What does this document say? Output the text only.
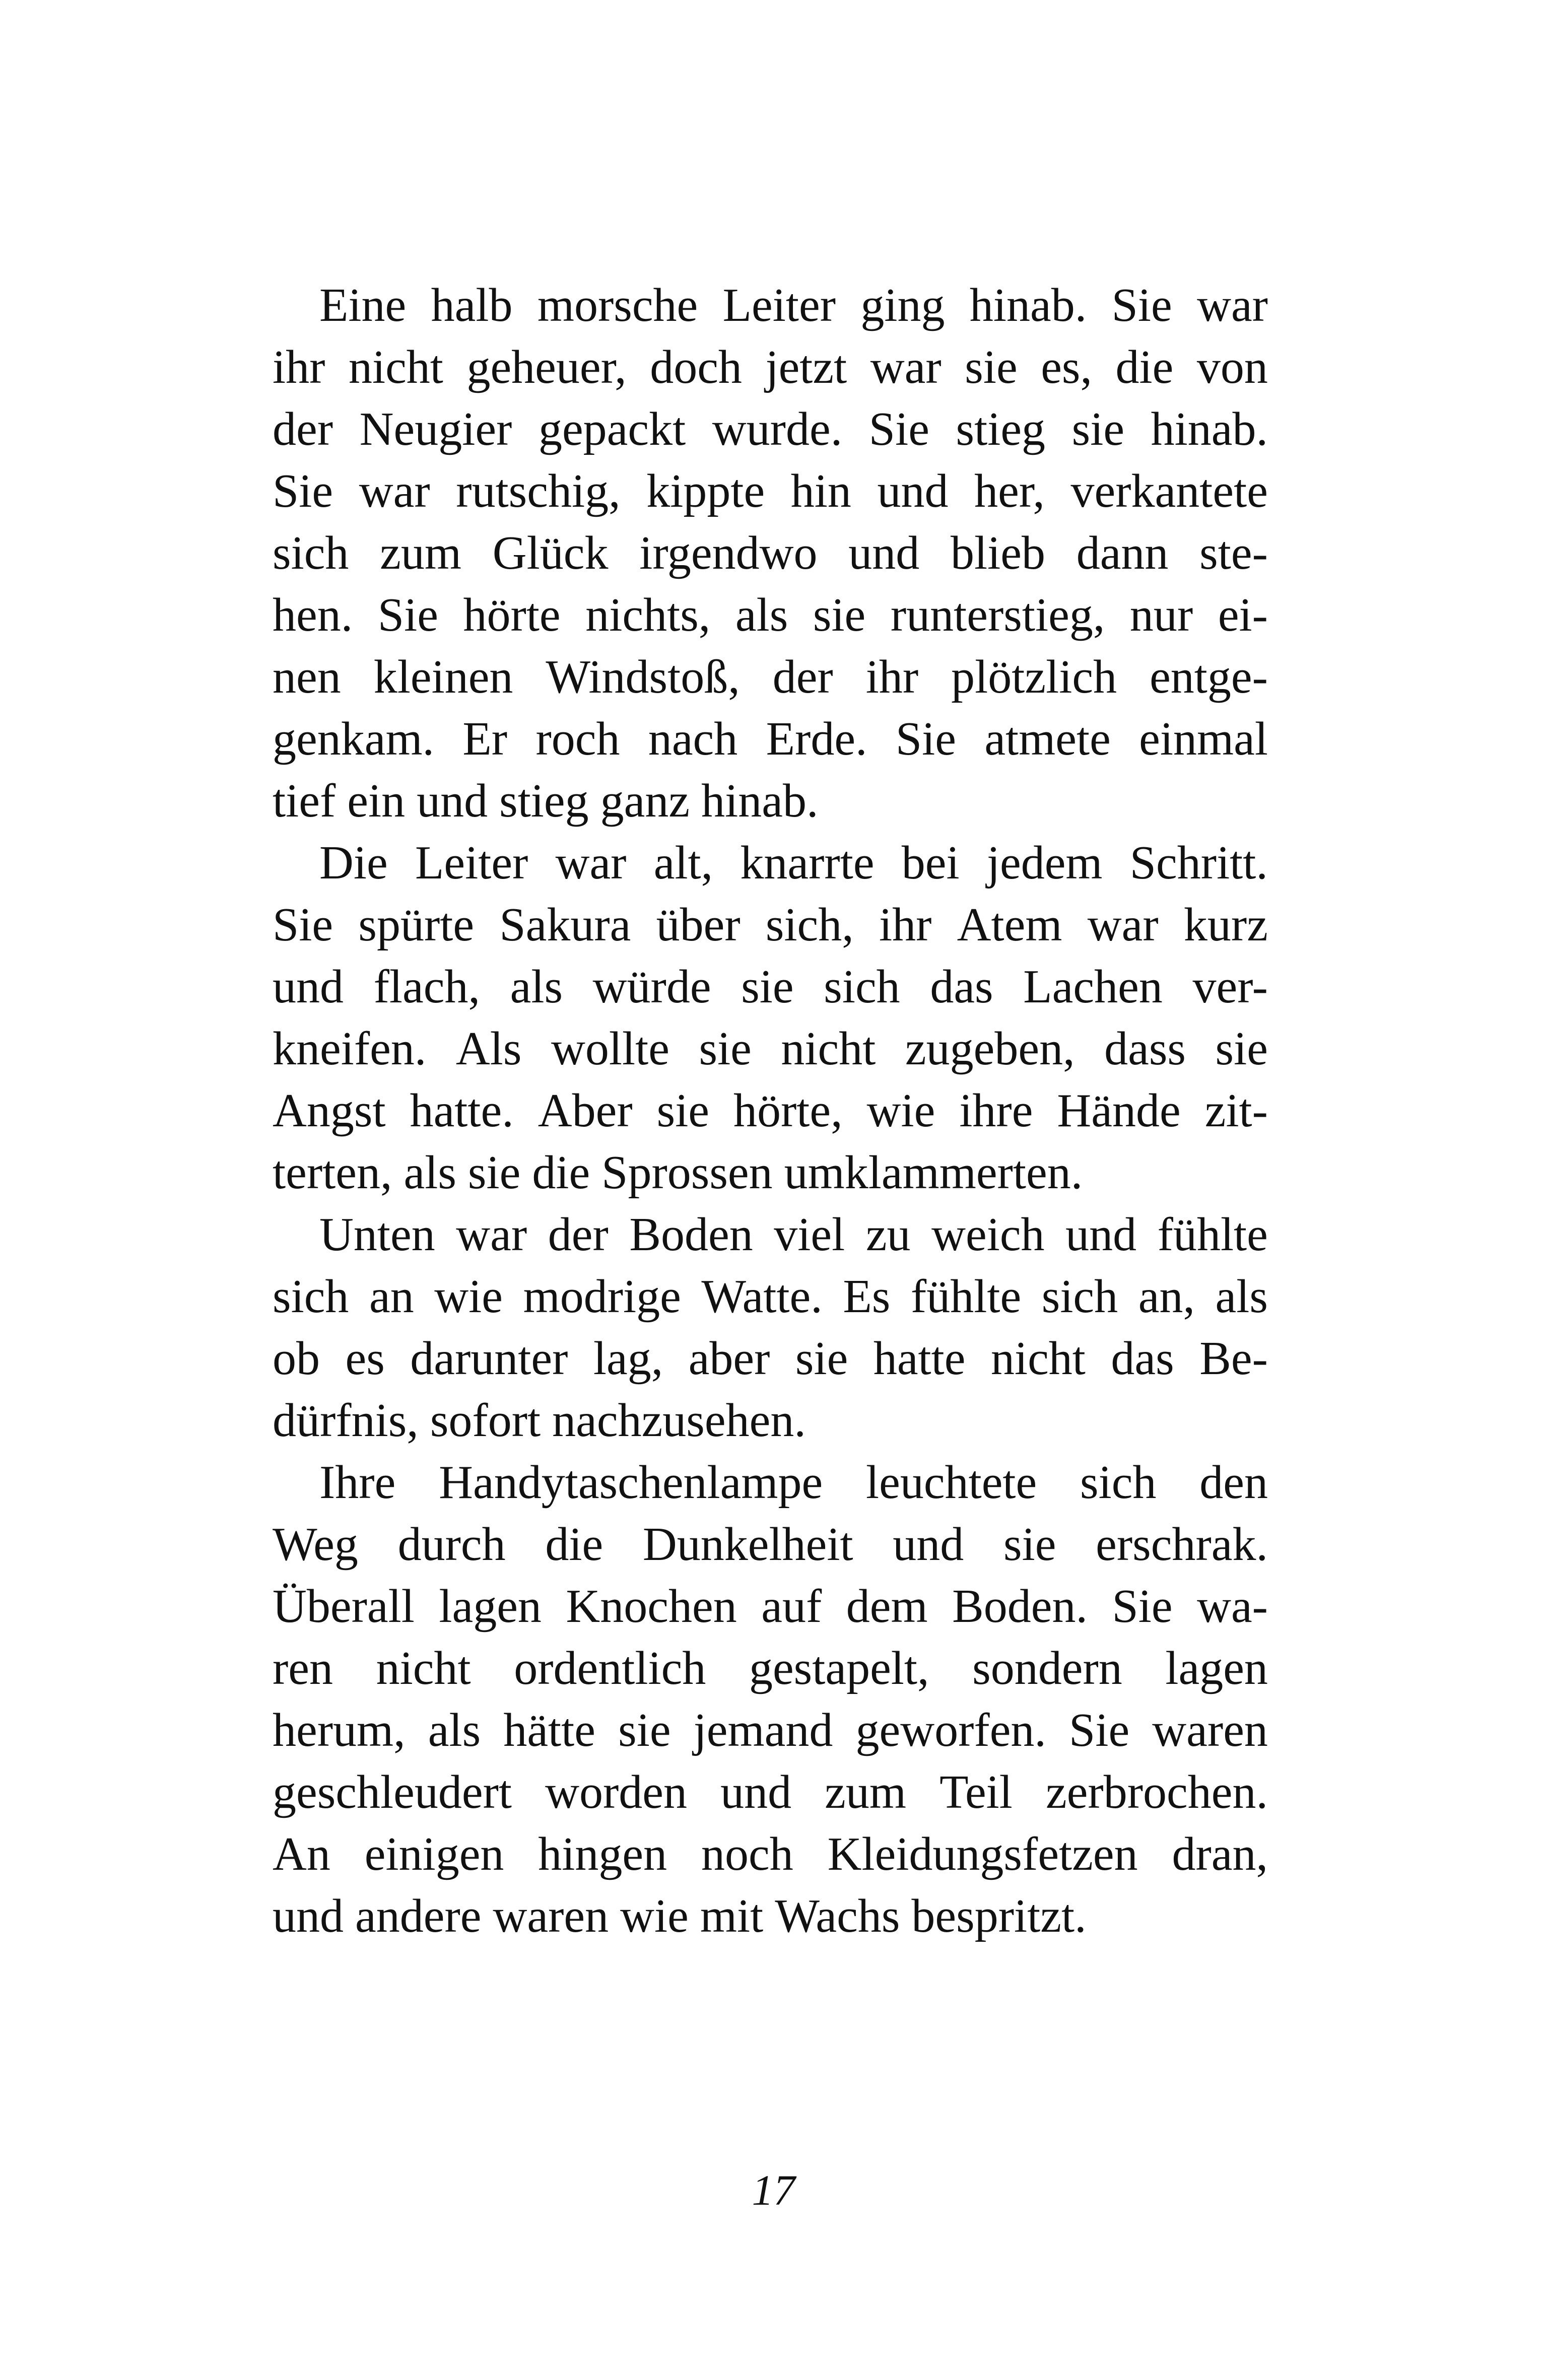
Eine halb morsche Leiter ging hinab. Sie war
ihr nicht geheuer, doch jetzt war sie es, die von
der Neugier gepackt wurde. Sie stieg sie hinab.
Sie war rutschig, kippte hin und her, verkantete
sich zum Glück irgendwo und blieb dann ste-
hen. Sie hörte nichts, als sie runterstieg, nur ei-
nen kleinen Windstoß, der ihr plötzlich entge-
genkam. Er roch nach Erde. Sie atmete einmal
tief ein und stieg ganz hinab.
Die Leiter war alt, knarrte bei jedem Schritt.
Sie spürte Sakura über sich, ihr Atem war kurz
und flach, als würde sie sich das Lachen ver-
kneifen. Als wollte sie nicht zugeben, dass sie
Angst hatte. Aber sie hörte, wie ihre Hände zit-
terten, als sie die Sprossen umklammerten.
Unten war der Boden viel zu weich und fühlte
sich an wie modrige Watte. Es fühlte sich an, als
ob es darunter lag, aber sie hatte nicht das Be-
dürfnis, sofort nachzusehen.
Ihre Handytaschenlampe leuchtete sich den
Weg durch die Dunkelheit und sie erschrak.
Überall lagen Knochen auf dem Boden. Sie wa-
ren nicht ordentlich gestapelt, sondern lagen
herum, als hätte sie jemand geworfen. Sie waren
geschleudert worden und zum Teil zerbrochen.
An einigen hingen noch Kleidungsfetzen dran,
und andere waren wie mit Wachs bespritzt.
17
